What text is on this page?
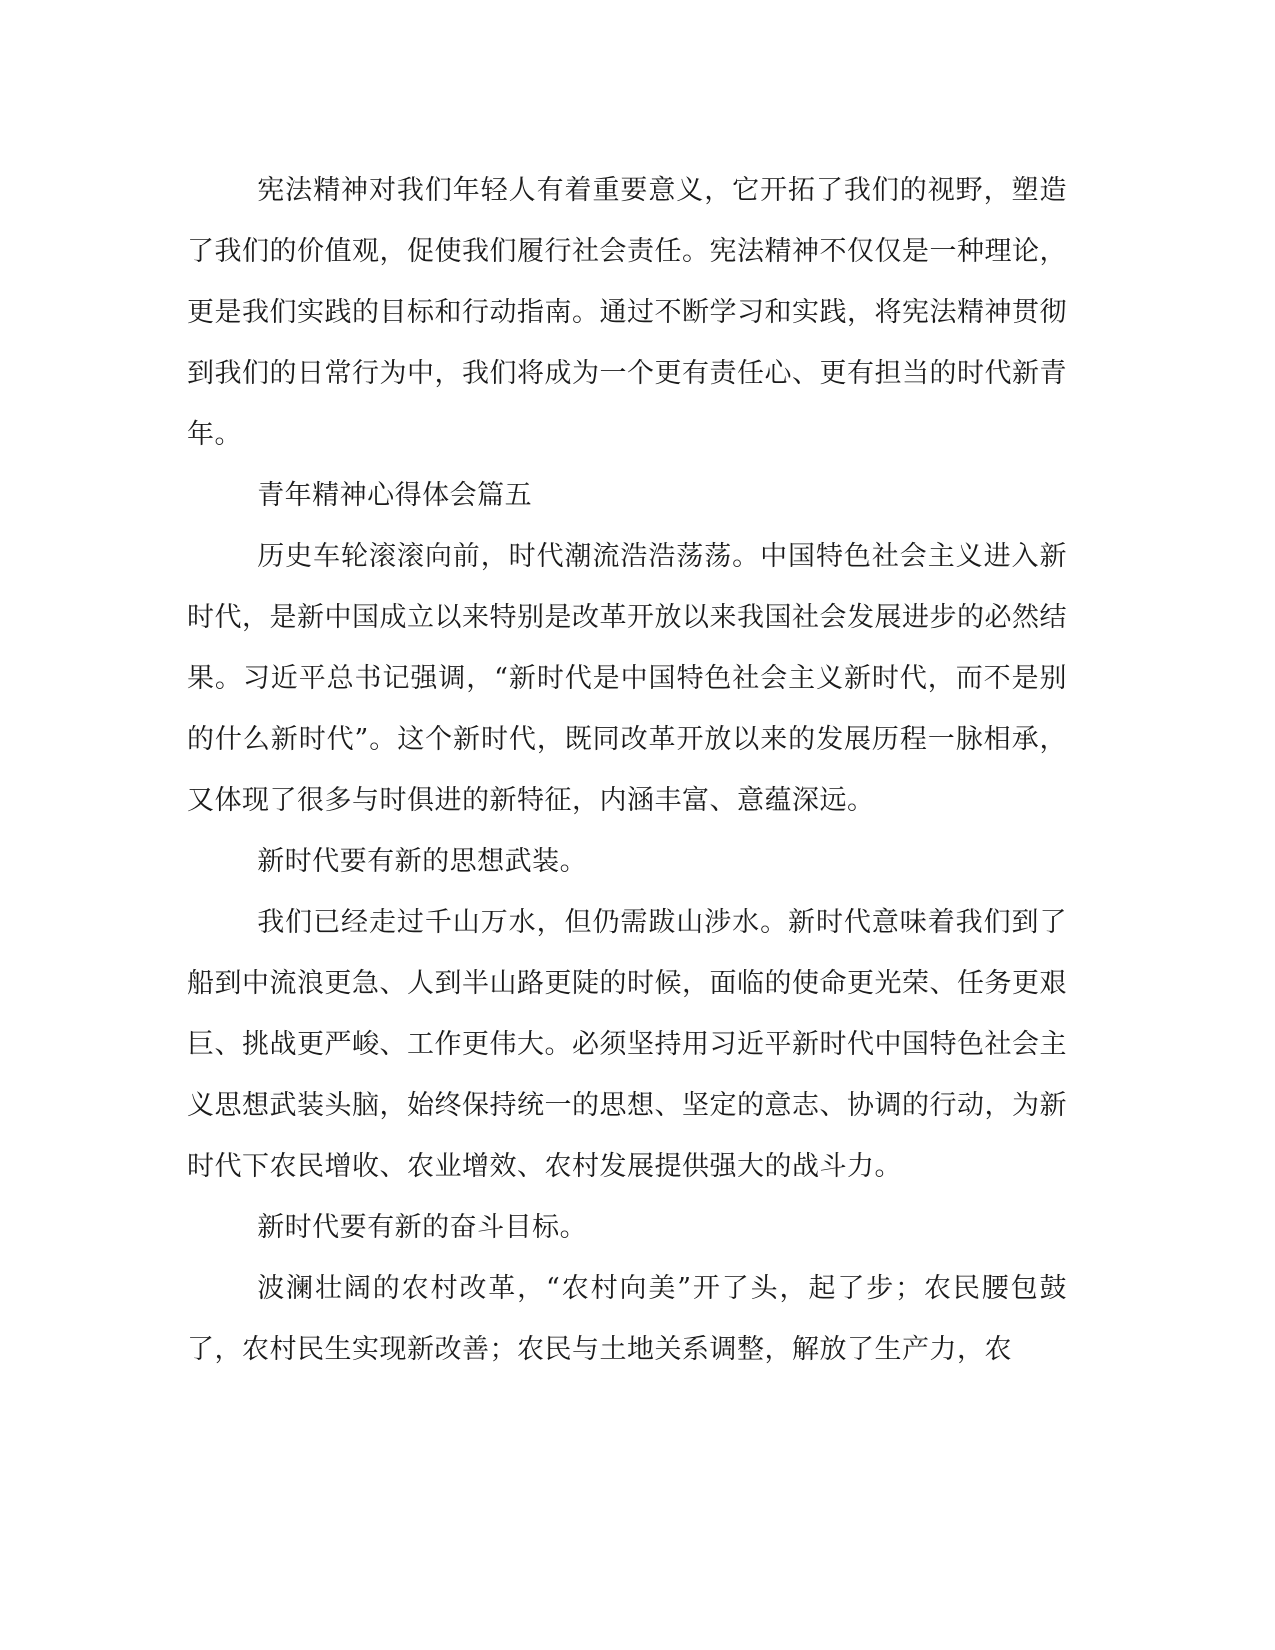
宪法精神对我们年轻人有着重要意义，它开拓了我们的视野，塑造了我们的价值观，促使我们履行社会责任。宪法精神不仅仅是一种理论，更是我们实践的目标和行动指南。通过不断学习和实践，将宪法精神贯彻到我们的日常行为中，我们将成为一个更有责任心、更有担当的时代新青年。

青年精神心得体会篇五

历史车轮滚滚向前，时代潮流浩浩荡荡。中国特色社会主义进入新时代，是新中国成立以来特别是改革开放以来我国社会发展进步的必然结果。习近平总书记强调，“新时代是中国特色社会主义新时代，而不是别的什么新时代”。这个新时代，既同改革开放以来的发展历程一脉相承，又体现了很多与时俱进的新特征，内涵丰富、意蕴深远。

新时代要有新的思想武装。

我们已经走过千山万水，但仍需跋山涉水。新时代意味着我们到了船到中流浪更急、人到半山路更陡的时候，面临的使命更光荣、任务更艰巨、挑战更严峻、工作更伟大。必须坚持用习近平新时代中国特色社会主义思想武装头脑，始终保持统一的思想、坚定的意志、协调的行动，为新时代下农民增收、农业增效、农村发展提供强大的战斗力。

新时代要有新的奋斗目标。

波澜壮阔的农村改革，“农村向美”开了头，起了步；农民腰包鼓了，农村民生实现新改善；农民与土地关系调整，解放了生产力，农
